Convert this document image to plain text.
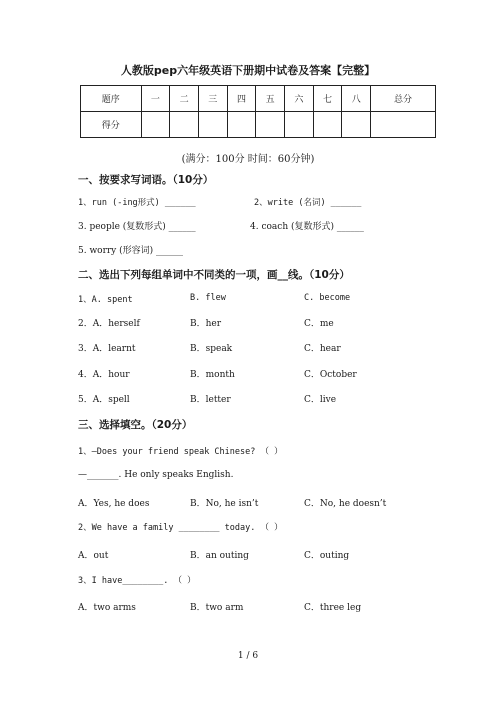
人教版pep六年级英语下册期中试卷及答案【完整】
题序	一	二	三	四	五	六	七	八	总分
得分									
(满分：100分 时间：60分钟)
一、按要求写词语。（10分）
1、run (-ing形式) ______	2、write (名词) ______
3. people (复数形式) ______	4. coach (复数形式) ______
5. worry (形容词) ______
二、选出下列每组单词中不同类的一项，画__线。（10分）
1、A. spent	B. flew	C. become
2．A．herself	B．her	C．me
3．A．learnt	B．speak	C．hear
4．A．hour	B．month	C．October
5．A．spell	B．letter	C．live
三、选择填空。（20分）
1、—Does your friend speak Chinese? （ ）
—_______. He only speaks English.
A．Yes, he does	B．No, he isn’t	C．No, he doesn’t
2、We have a family ________ today. （ ）
A．out	B．an outing	C．outing
3、I have________. （ ）
A．two arms	B．two arm	C．three leg
1 / 6
